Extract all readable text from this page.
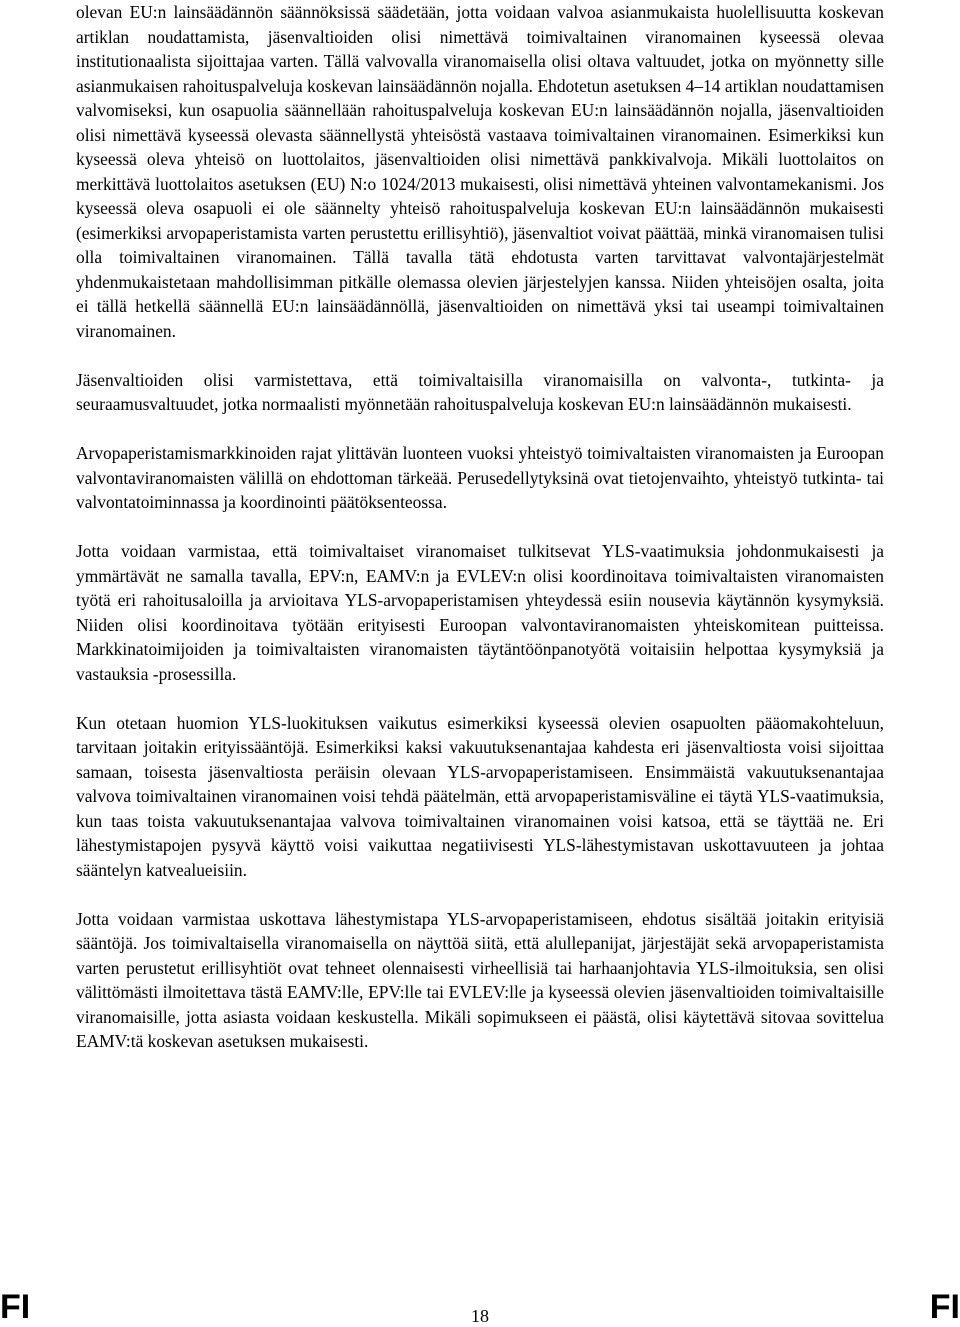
olevan EU:n lainsäädännön säännöksissä säädetään, jotta voidaan valvoa asianmukaista huolellisuutta koskevan artiklan noudattamista, jäsenvaltioiden olisi nimettävä toimivaltainen viranomainen kyseessä olevaa institutionaalista sijoittajaa varten. Tällä valvovalla viranomaisella olisi oltava valtuudet, jotka on myönnetty sille asianmukaisen rahoituspalveluja koskevan lainsäädännön nojalla. Ehdotetun asetuksen 4–14 artiklan noudattamisen valvomiseksi, kun osapuolia säännellään rahoituspalveluja koskevan EU:n lainsäädännön nojalla, jäsenvaltioiden olisi nimettävä kyseessä olevasta säännellystä yhteisöstä vastaava toimivaltainen viranomainen. Esimerkiksi kun kyseessä oleva yhteisö on luottolaitos, jäsenvaltioiden olisi nimettävä pankkivalvoja. Mikäli luottolaitos on merkittävä luottolaitos asetuksen (EU) N:o 1024/2013 mukaisesti, olisi nimettävä yhteinen valvontamekanismi. Jos kyseessä oleva osapuoli ei ole säännelty yhteisö rahoituspalveluja koskevan EU:n lainsäädännön mukaisesti (esimerkiksi arvopaperistamista varten perustettu erillisyhtiö), jäsenvaltiot voivat päättää, minkä viranomaisen tulisi olla toimivaltainen viranomainen. Tällä tavalla tätä ehdotusta varten tarvittavat valvontajärjestelmät yhdenmukaistetaan mahdollisimman pitkälle olemassa olevien järjestelyjen kanssa. Niiden yhteisöjen osalta, joita ei tällä hetkellä säännellä EU:n lainsäädännöllä, jäsenvaltioiden on nimettävä yksi tai useampi toimivaltainen viranomainen.

Jäsenvaltioiden olisi varmistettava, että toimivaltaisilla viranomaisilla on valvonta-, tutkinta- ja seuraamusvaltuudet, jotka normaalisti myönnetään rahoituspalveluja koskevan EU:n lainsäädännön mukaisesti.

Arvopaperistamismarkkinoiden rajat ylittävän luonteen vuoksi yhteistyö toimivaltaisten viranomaisten ja Euroopan valvontaviranomaisten välillä on ehdottoman tärkeää. Perusedellytyksinä ovat tietojenvaihto, yhteistyö tutkinta- tai valvontatoiminnassa ja koordinointi päätöksenteossa.

Jotta voidaan varmistaa, että toimivaltaiset viranomaiset tulkitsevat YLS-vaatimuksia johdonmukaisesti ja ymmärtävät ne samalla tavalla, EPV:n, EAMV:n ja EVLEV:n olisi koordinoitava toimivaltaisten viranomaisten työtä eri rahoitusaloilla ja arvioitava YLS-arvopaperistamisen yhteydessä esiin nousevia käytännön kysymyksiä. Niiden olisi koordinoitava työtään erityisesti Euroopan valvontaviranomaisten yhteiskomitean puitteissa. Markkinatoimijoiden ja toimivaltaisten viranomaisten täytäntöönpanotyötä voitaisiin helpottaa kysymyksiä ja vastauksia -prosessilla.

Kun otetaan huomion YLS-luokituksen vaikutus esimerkiksi kyseessä olevien osapuolten pääomakohteluun, tarvitaan joitakin erityissääntöjä. Esimerkiksi kaksi vakuutuksenantajaa kahdesta eri jäsenvaltiosta voisi sijoittaa samaan, toisesta jäsenvaltiosta peräisin olevaan YLS-arvopaperistamiseen. Ensimmäistä vakuutuksenantajaa valvova toimivaltainen viranomainen voisi tehdä päätelmän, että arvopaperistamisväline ei täytä YLS-vaatimuksia, kun taas toista vakuutuksenantajaa valvova toimivaltainen viranomainen voisi katsoa, että se täyttää ne. Eri lähestymistapojen pysyvä käyttö voisi vaikuttaa negatiivisesti YLS-lähestymistavan uskottavuuteen ja johtaa sääntelyn katvealueisiin.

Jotta voidaan varmistaa uskottava lähestymistapa YLS-arvopaperistamiseen, ehdotus sisältää joitakin erityisiä sääntöjä. Jos toimivaltaisella viranomaisella on näyttöä siitä, että alullepanijat, järjestäjät sekä arvopaperistamista varten perustetut erillisyhtiöt ovat tehneet olennaisesti virheellisiä tai harhaanjohtavia YLS-ilmoituksia, sen olisi välittömästi ilmoitettava tästä EAMV:lle, EPV:lle tai EVLEV:lle ja kyseessä olevien jäsenvaltioiden toimivaltaisille viranomaisille, jotta asiasta voidaan keskustella. Mikäli sopimukseen ei päästä, olisi käytettävä sitovaa sovittelua EAMV:tä koskevan asetuksen mukaisesti.

FI	18	FI
